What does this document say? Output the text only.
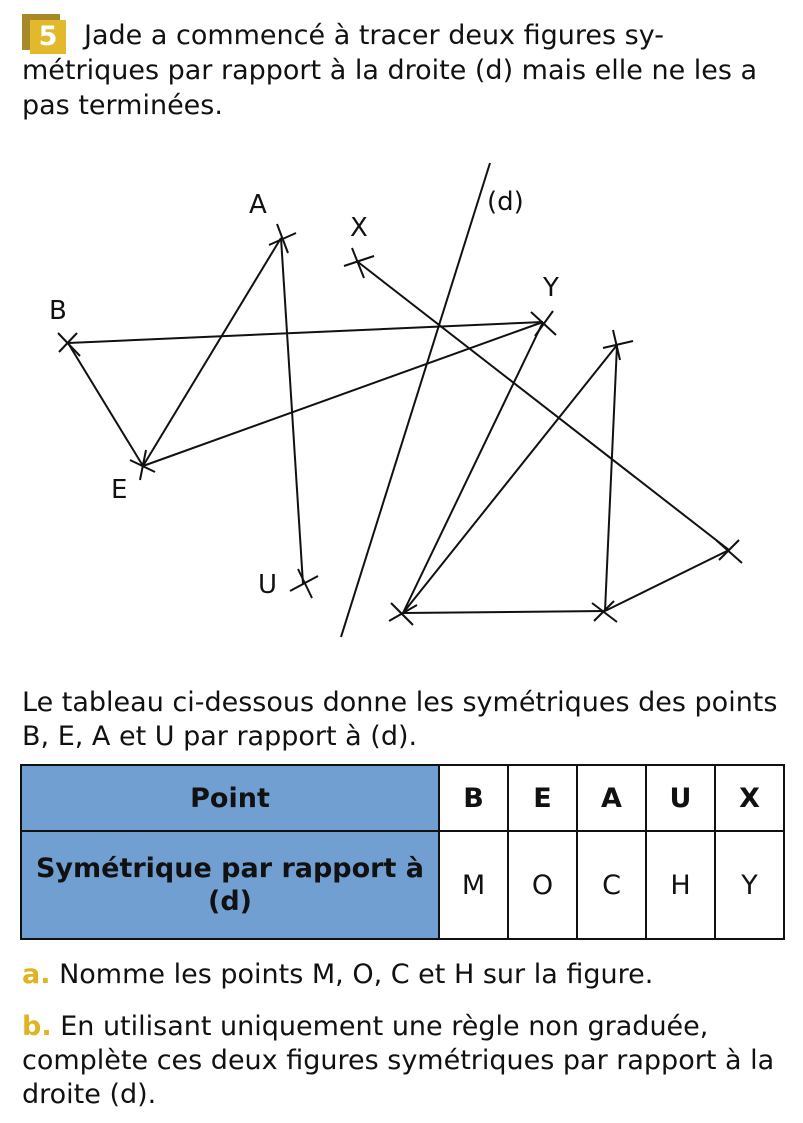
5 Jade a commencé à tracer deux figures sy-métriques par rapport à la droite (d) mais elle ne les a pas terminées.

(d)
A
X
Y
B
E
U

Le tableau ci-dessous donne les symétriques des points B, E, A et U par rapport à (d).

Point	B	E	A	U	X
Symétrique par rapport à (d)	M	O	C	H	Y

a. Nomme les points M, O, C et H sur la figure.

b. En utilisant uniquement une règle non graduée, complète ces deux figures symétriques par rapport à la droite (d).
